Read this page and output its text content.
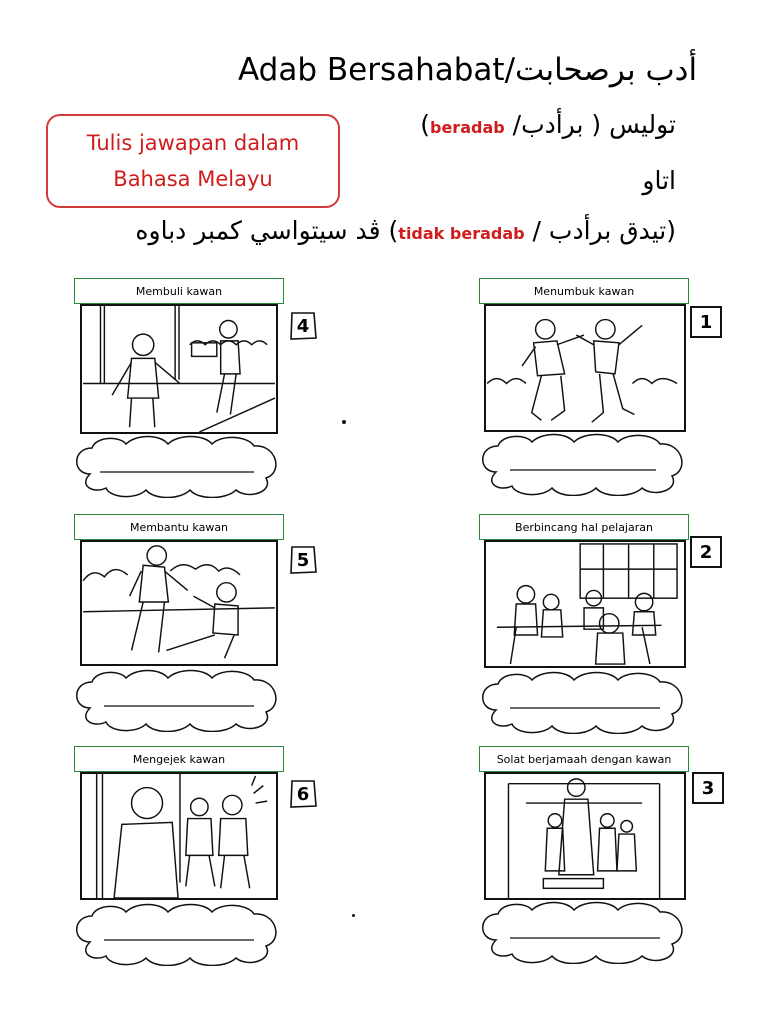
Adab Bersahabat/أدب برصحابت
Tulis jawapan dalam
Bahasa Melayu
توليس ( برأدب/ beradab)
اتاو
(تيدق برأدب / tidak beradab) ڤد سيتواسي كمبر دباوه
Membuli kawan
4
Menumbuk kawan
1
Membantu kawan
5
Berbincang hal pelajaran
2
Mengejek kawan
6
Solat berjamaah dengan kawan
3
